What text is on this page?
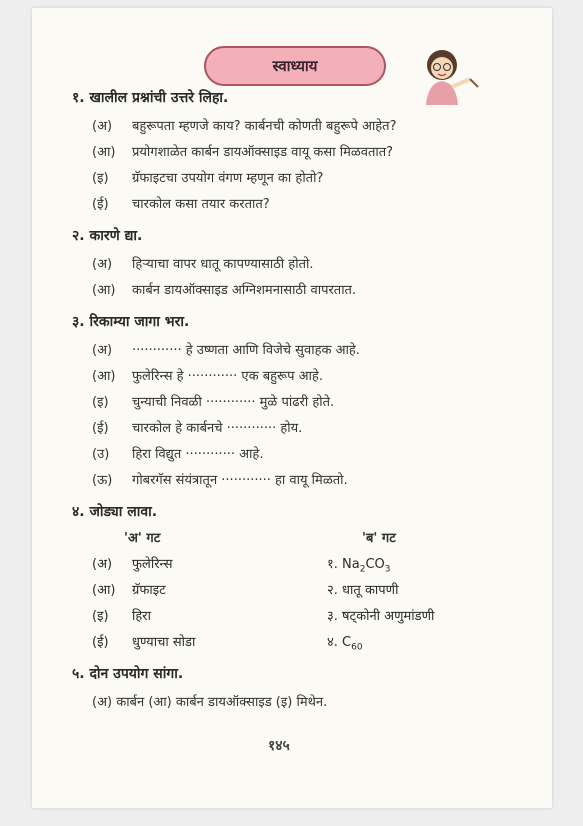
स्वाध्याय
१. खालील प्रश्नांची उत्तरे लिहा.
(अ) बहुरूपता म्हणजे काय? कार्बनची कोणती बहुरूपे आहेत?
(आ) प्रयोगशाळेत कार्बन डायऑक्साइड वायू कसा मिळवतात?
(इ) ग्रॅफाइटचा उपयोग वंगण म्हणून का होतो?
(ई) चारकोल कसा तयार करतात?
२. कारणे द्या.
(अ) हिऱ्याचा वापर धातू कापण्यासाठी होतो.
(आ) कार्बन डायऑक्साइड अग्निशमनासाठी वापरतात.
३. रिकाम्या जागा भरा.
(अ) ············ हे उष्णता आणि विजेचे सुवाहक आहे.
(आ) फुलेरिन्स हे ············ एक बहुरूप आहे.
(इ) चुन्याची निवळी ············ मुळे पांढरी होते.
(ई) चारकोल हे कार्बनचे ············ होय.
(उ) हिरा विद्युत ············ आहे.
(ऊ) गोबरगॅस संयंत्रातून ············ हा वायू मिळतो.
४. जोड्या लावा.
'अ' गट	'ब' गट
(अ) फुलेरिन्स
(आ) ग्रॅफाइट
(इ) हिरा
(ई) धुण्याचा सोडा
१. $Na_2CO_3$
२. धातू कापणी
३. षट्कोनी अणुमांडणी
४. $C_{60}$
५. दोन उपयोग सांगा.
(अ) कार्बन (आ) कार्बन डायऑक्साइड (इ) मिथेन.
१४५
